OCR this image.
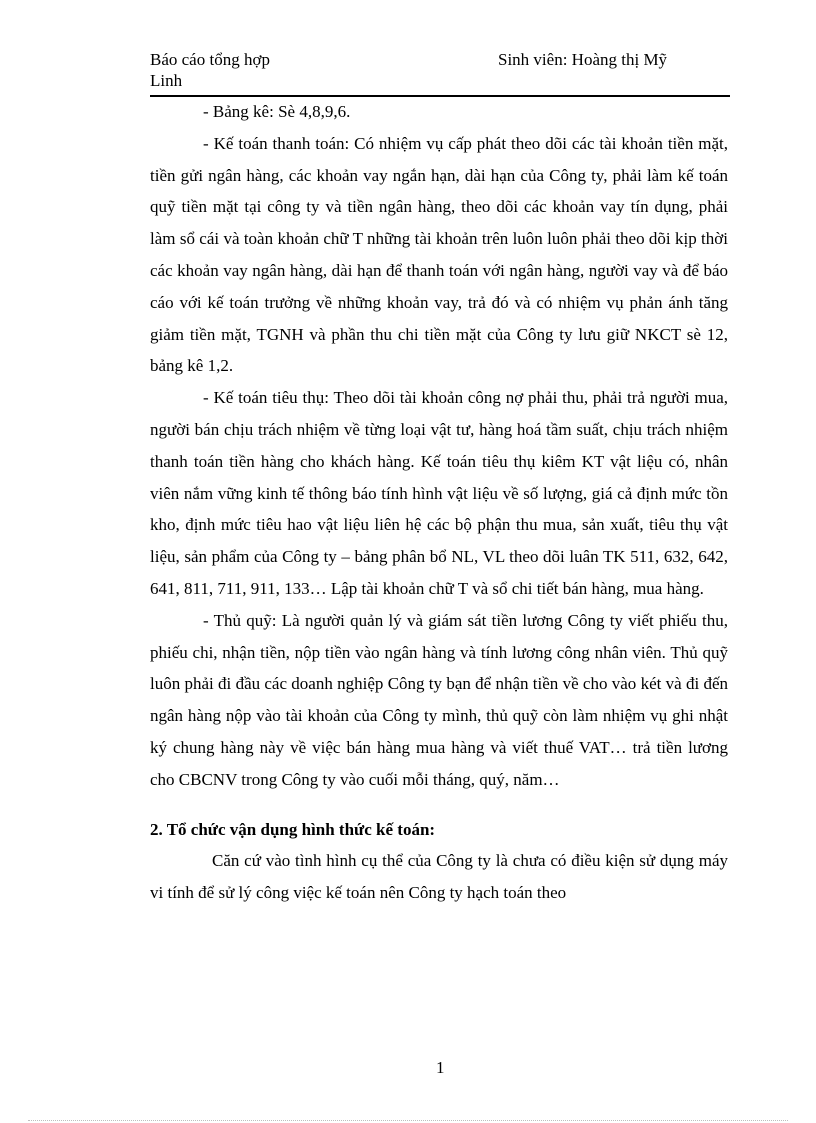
Báo cáo tổng hợp
Linh
Sinh viên: Hoàng thị Mỹ

- Bảng kê: Sè 4,8,9,6.

- Kế toán thanh toán: Có nhiệm vụ cấp phát theo dõi các tài khoản tiền mặt, tiền gửi ngân hàng, các khoản vay ngắn hạn, dài hạn của Công ty, phải làm kế toán quỹ tiền mặt tại công ty và tiền ngân hàng, theo dõi các khoản vay tín dụng, phải làm sổ cái và toàn khoản chữ T những tài khoản trên luôn luôn phải theo dõi kịp thời các khoản vay ngân hàng, dài hạn để thanh toán với ngân hàng, người vay và để báo cáo với kế toán trưởng về những khoản vay, trả đó và có nhiệm vụ phản ánh tăng giảm tiền mặt, TGNH và phần thu chi tiền mặt của Công ty lưu giữ NKCT sè 12, bảng kê 1,2.

- Kế toán tiêu thụ: Theo dõi tài khoản công nợ phải thu, phải trả người mua, người bán chịu trách nhiệm về từng loại vật tư, hàng hoá tầm suất, chịu trách nhiệm thanh toán tiền hàng cho khách hàng. Kế toán tiêu thụ kiêm KT vật liệu có, nhân viên nắm vững kinh tế thông báo tính hình vật liệu về số lượng, giá cả định mức tồn kho, định mức tiêu hao vật liệu liên hệ các bộ phận thu mua, sản xuất, tiêu thụ vật liệu, sản phẩm của Công ty – bảng phân bổ NL, VL theo dõi luân TK 511, 632, 642, 641, 811, 711, 911, 133… Lập tài khoản chữ T và sổ chi tiết bán hàng, mua hàng.

- Thủ quỹ: Là người quản lý và giám sát tiền lương Công ty viết phiếu thu, phiếu chi, nhận tiền, nộp tiền vào ngân hàng và tính lương công nhân viên. Thủ quỹ luôn phải đi đầu các doanh nghiệp Công ty bạn để nhận tiền về cho vào két và đi đến ngân hàng nộp vào tài khoản của Công ty mình, thủ quỹ còn làm nhiệm vụ ghi nhật ký chung hàng này về việc bán hàng mua hàng và viết thuế VAT… trả tiền lương cho CBCNV trong Công ty vào cuối mỗi tháng, quý, năm…

2. Tổ chức vận dụng hình thức kế toán:

Căn cứ vào tình hình cụ thể của Công ty là chưa có điều kiện sử dụng máy vi tính để sử lý công việc kế toán nên Công ty hạch toán theo

1
